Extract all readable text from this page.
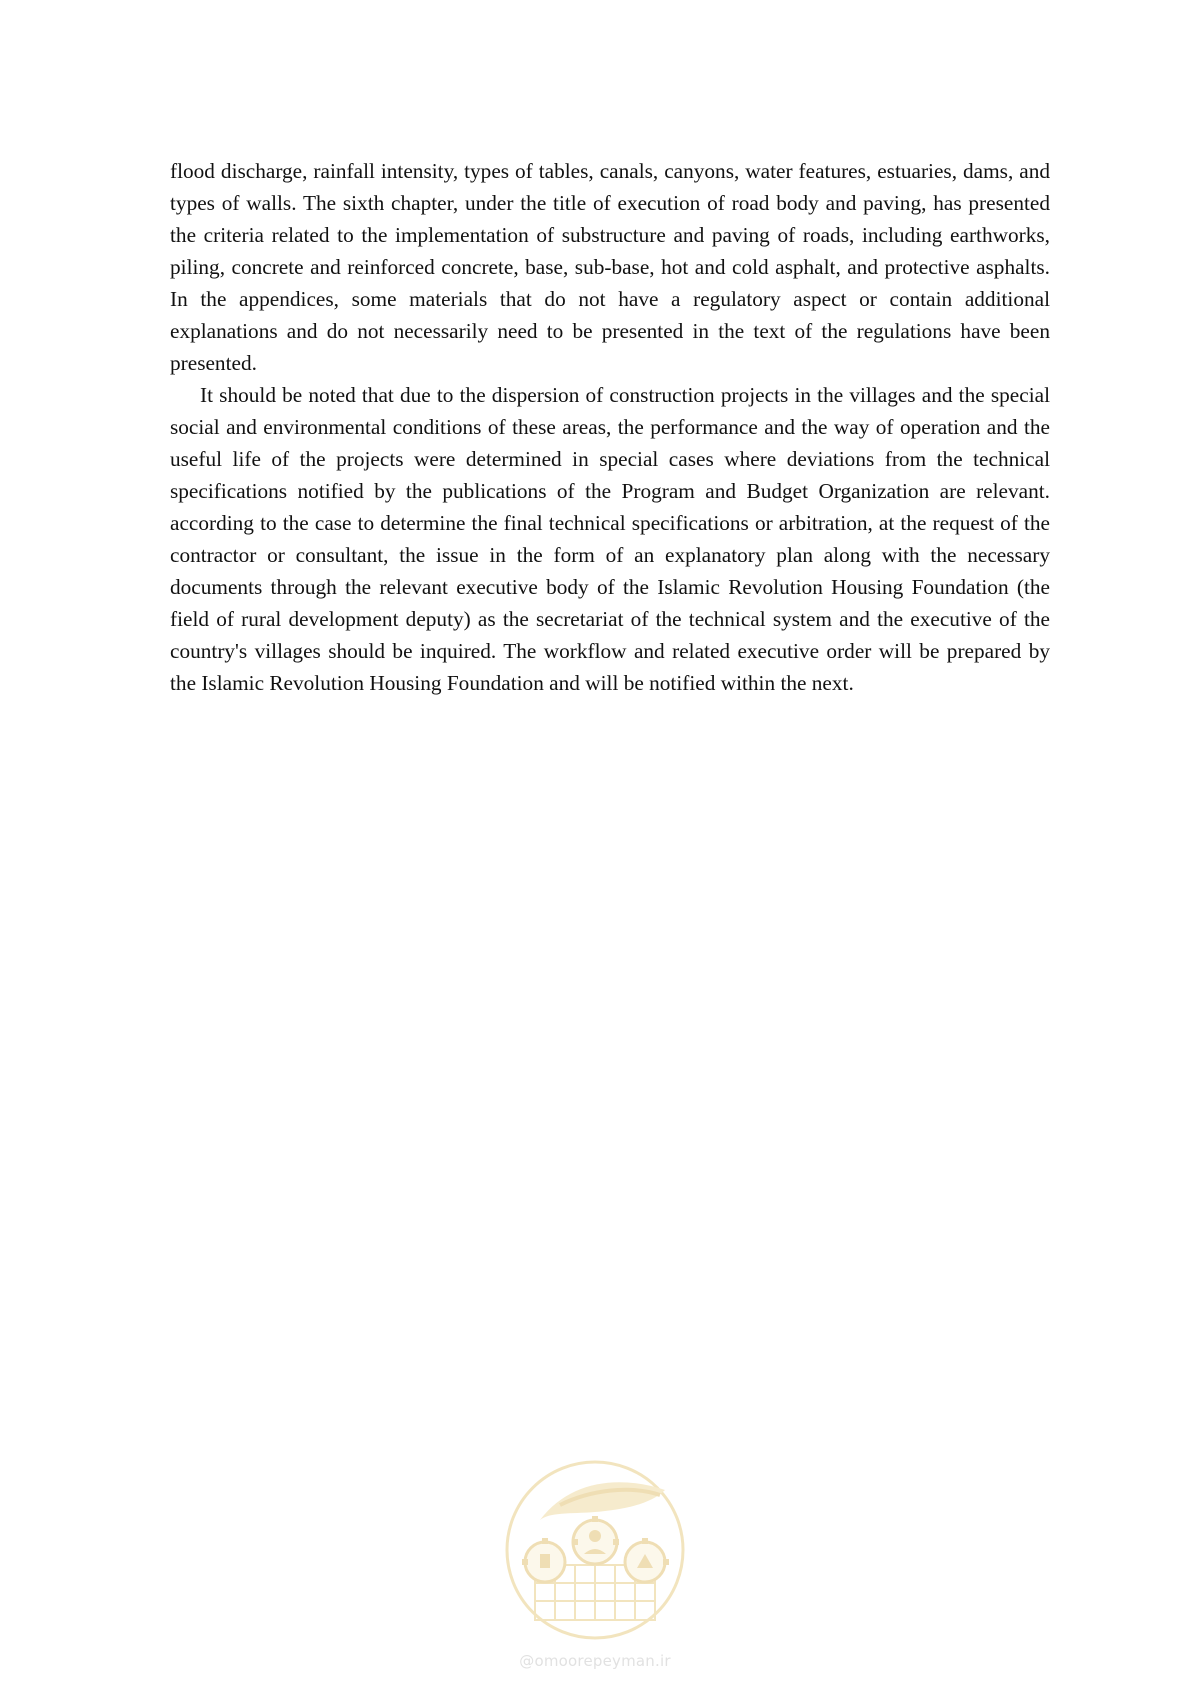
flood discharge, rainfall intensity, types of tables, canals, canyons, water features, estuaries, dams, and types of walls. The sixth chapter, under the title of execution of road body and paving, has presented the criteria related to the implementation of substructure and paving of roads, including earthworks, piling, concrete and reinforced concrete, base, sub-base, hot and cold asphalt, and protective asphalts. In the appendices, some materials that do not have a regulatory aspect or contain additional explanations and do not necessarily need to be presented in the text of the regulations have been presented.

It should be noted that due to the dispersion of construction projects in the villages and the special social and environmental conditions of these areas, the performance and the way of operation and the useful life of the projects were determined in special cases where deviations from the technical specifications notified by the publications of the Program and Budget Organization are relevant. according to the case to determine the final technical specifications or arbitration, at the request of the contractor or consultant, the issue in the form of an explanatory plan along with the necessary documents through the relevant executive body of the Islamic Revolution Housing Foundation (the field of rural development deputy) as the secretariat of the technical system and the executive of the country's villages should be inquired. The workflow and related executive order will be prepared by the Islamic Revolution Housing Foundation and will be notified within the next.

@omoorepeyman.ir
